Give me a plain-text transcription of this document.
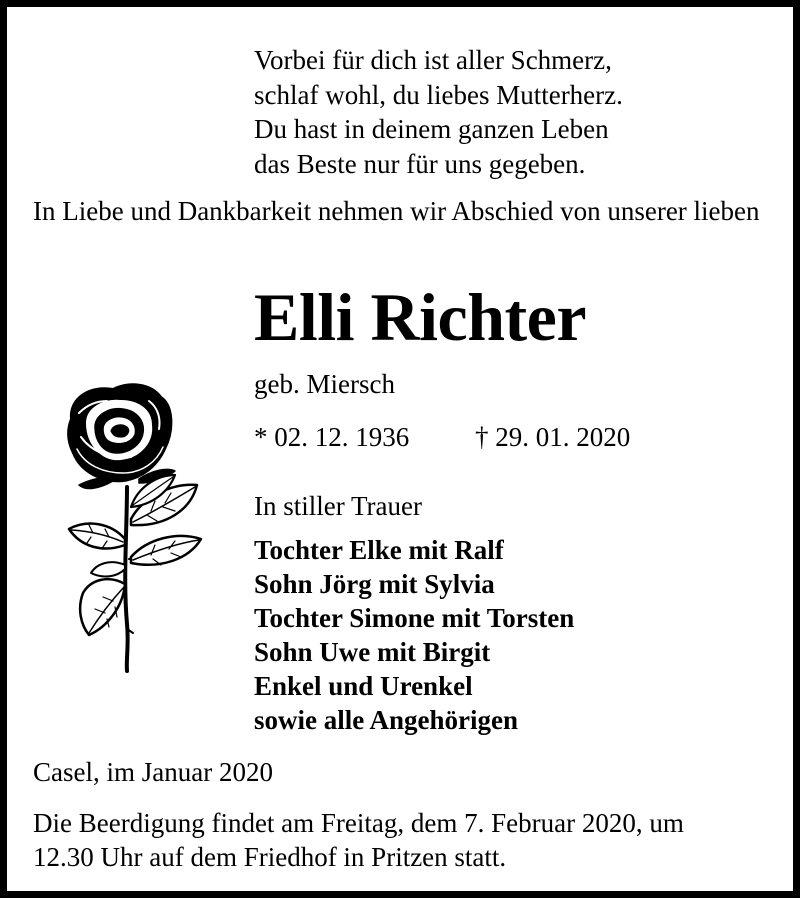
Vorbei für dich ist aller Schmerz,
schlaf wohl, du liebes Mutterherz.
Du hast in deinem ganzen Leben
das Beste nur für uns gegeben.
In Liebe und Dankbarkeit nehmen wir Abschied von unserer lieben
Elli Richter
geb. Miersch
* 02. 12. 1936 † 29. 01. 2020
In stiller Trauer
Tochter Elke mit Ralf
Sohn Jörg mit Sylvia
Tochter Simone mit Torsten
Sohn Uwe mit Birgit
Enkel und Urenkel
sowie alle Angehörigen
Casel, im Januar 2020
Die Beerdigung findet am Freitag, dem 7. Februar 2020, um
12.30 Uhr auf dem Friedhof in Pritzen statt.
